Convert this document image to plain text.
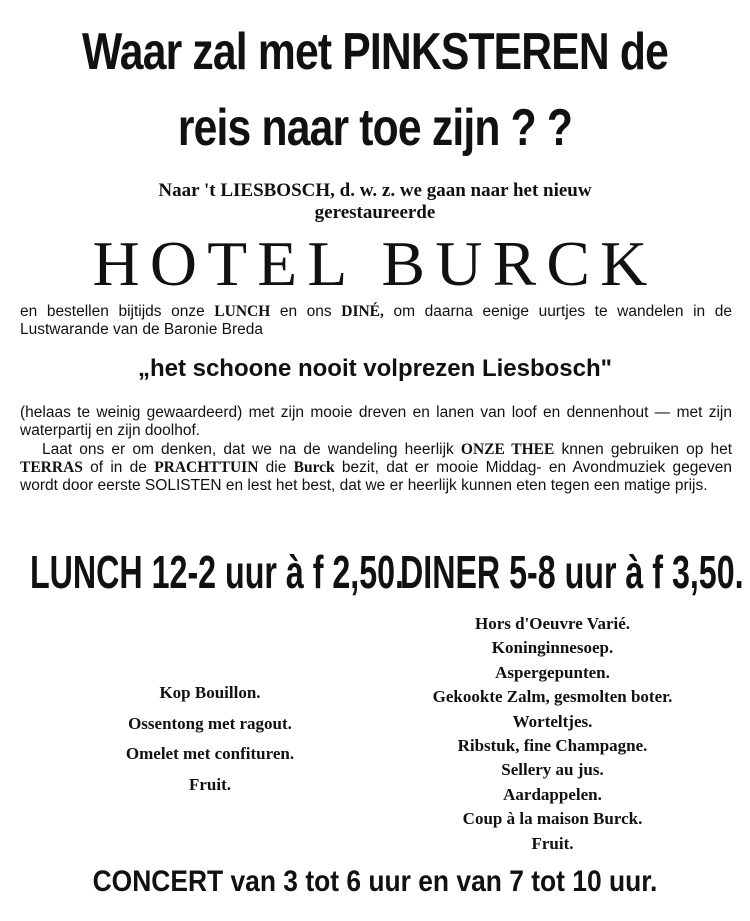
Waar zal met PINKSTEREN de
reis naar toe zijn ? ?
Naar 't LIESBOSCH, d. w. z. we gaan naar het nieuw
gerestaureerde
HOTEL BURCK
en bestellen bijtijds onze LUNCH en ons DINÉ, om daarna eenige uurtjes te wandelen in de Lustwarande van de Baronie Breda
„het schoone nooit volprezen Liesbosch"
(helaas te weinig gewaardeerd) met zijn mooie dreven en lanen van loof en dennenhout — met zijn waterpartij en zijn doolhof.
Laat ons er om denken, dat we na de wandeling heerlijk ONZE THEE knnen gebruiken op het TERRAS of in de PRACHTTUIN die Burck bezit, dat er mooie Middag- en Avondmuziek gegeven wordt door eerste SOLISTEN en lest het best, dat we er heerlijk kunnen eten tegen een matige prijs.
LUNCH 12-2 uur à f 2,50.
DINER 5-8 uur à f 3,50.
Kop Bouillon.
Ossentong met ragout.
Omelet met confituren.
Fruit.
Hors d'Oeuvre Varié.
Koninginnesoep.
Aspergepunten.
Gekookte Zalm, gesmolten boter.
Worteltjes.
Ribstuk, fine Champagne.
Sellery au jus.
Aardappelen.
Coup à la maison Burck.
Fruit.
CONCERT van 3 tot 6 uur en van 7 tot 10 uur.
